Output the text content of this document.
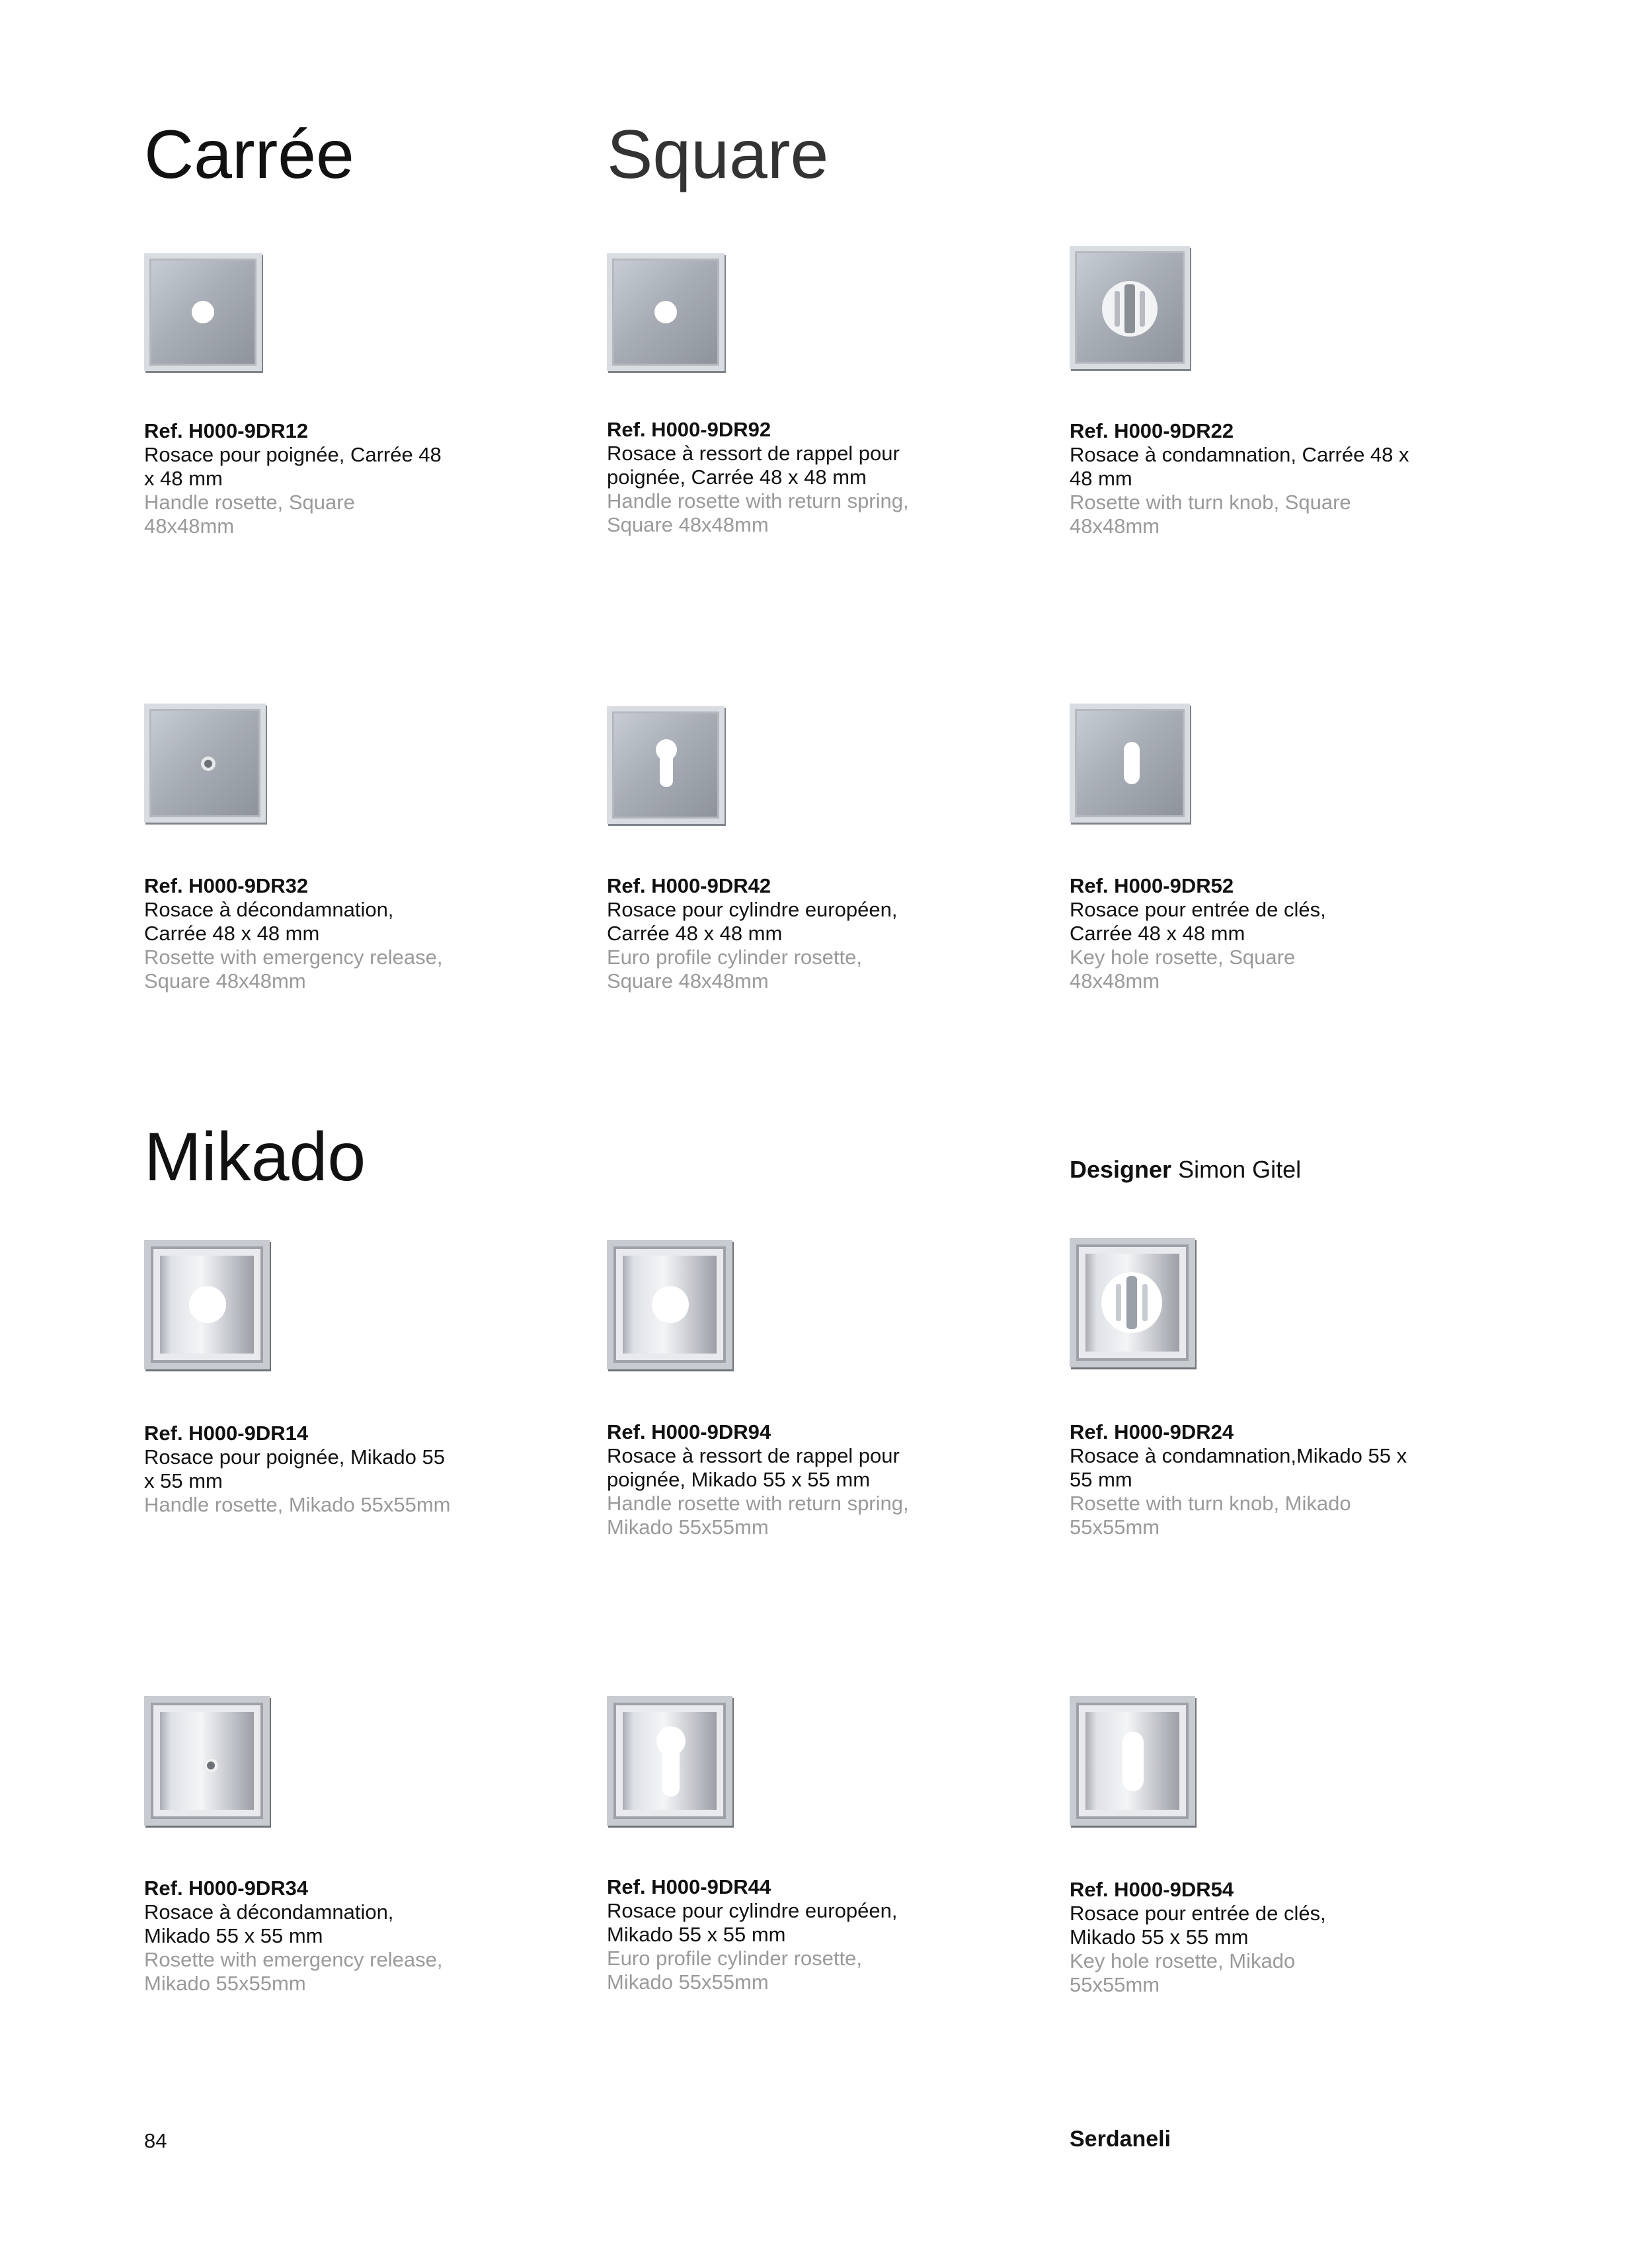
Carrée	Square
Mikado	Designer Simon Gitel
Ref. H000-9DR12
Rosace pour poignée, Carrée 48 x 48 mm
Handle rosette, Square 48x48mm
Ref. H000-9DR92
Rosace à ressort de rappel pour poignée, Carrée 48 x 48 mm
Handle rosette with return spring, Square 48x48mm
Ref. H000-9DR22
Rosace à condamnation, Carrée 48 x 48 mm
Rosette with turn knob, Square 48x48mm
Ref. H000-9DR32
Rosace à décondamnation, Carrée 48 x 48 mm
Rosette with emergency release, Square 48x48mm
Ref. H000-9DR42
Rosace pour cylindre européen, Carrée 48 x 48 mm
Euro profile cylinder rosette, Square 48x48mm
Ref. H000-9DR52
Rosace pour entrée de clés, Carrée 48 x 48 mm
Key hole rosette, Square 48x48mm
Ref. H000-9DR14
Rosace pour poignée, Mikado 55 x 55 mm
Handle rosette, Mikado 55x55mm
Ref. H000-9DR94
Rosace à ressort de rappel pour poignée, Mikado 55 x 55 mm
Handle rosette with return spring, Mikado 55x55mm
Ref. H000-9DR24
Rosace à condamnation,Mikado 55 x 55 mm
Rosette with turn knob, Mikado 55x55mm
Ref. H000-9DR34
Rosace à décondamnation, Mikado 55 x 55 mm
Rosette with emergency release, Mikado 55x55mm
Ref. H000-9DR44
Rosace pour cylindre européen, Mikado 55 x 55 mm
Euro profile cylinder rosette, Mikado 55x55mm
Ref. H000-9DR54
Rosace pour entrée de clés, Mikado 55 x 55 mm
Key hole rosette, Mikado 55x55mm
84	Serdaneli
